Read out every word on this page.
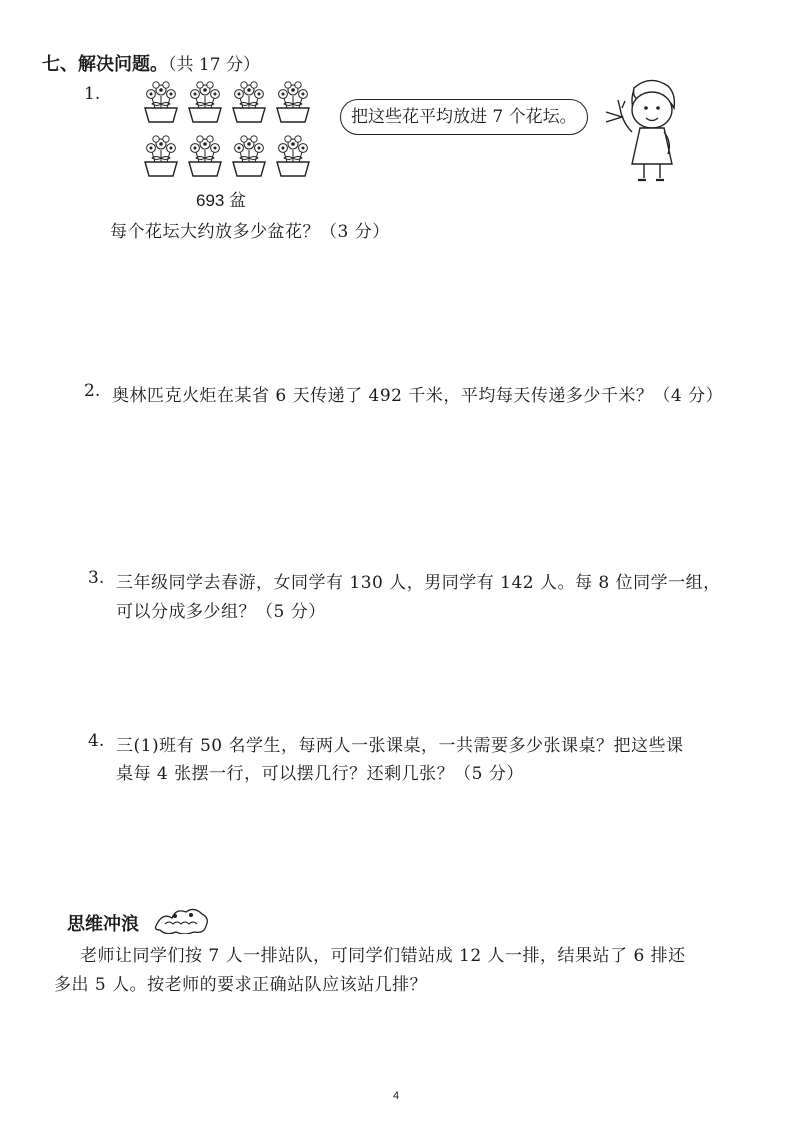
七、解决问题。（共 17 分）
1.
693 盆
把这些花平均放进 7 个花坛。
每个花坛大约放多少盆花？（3 分）
2. 奥林匹克火炬在某省 6 天传递了 492 千米，平均每天传递多少千米？（4 分）
3. 三年级同学去春游，女同学有 130 人，男同学有 142 人。每 8 位同学一组，
可以分成多少组？（5 分）
4. 三(1)班有 50 名学生，每两人一张课桌，一共需要多少张课桌？把这些课
桌每 4 张摆一行，可以摆几行？还剩几张？（5 分）
思维冲浪
老师让同学们按 7 人一排站队，可同学们错站成 12 人一排，结果站了 6 排还
多出 5 人。按老师的要求正确站队应该站几排？
4
